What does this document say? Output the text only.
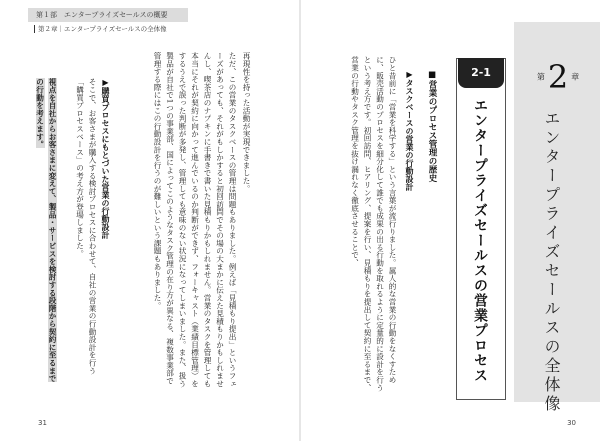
第１部　エンタープライズセールスの概要
第２章｜エンタープライズセールスの全体像
再現性を持った活動が実現できました。
ただ、この営業のタスクベースの管理は問題もありました。例えば「見積もり提出」というフェーズがあっても、それがもしかすると初回訪問でその場の大まかに伝えた見積もりかもしれませんし、喫茶店のナプキンに手書きで書いた見積もりかもしれません。営業のタスクを管理しても本当にそれが契約に向かって進んでいるのか判断ができず、フォーキャスト（業績目標管理）をするうえで誤った判断が多発し、管理しても意味のない状況になってしまいました。また、扱う製品が自社で1つの事業部、国によってこのようなタスク管理の在り方が異なる、複数事業部で管理する際にはこの行動設計を行うのが難しいという課題もありました。
▶購買プロセスにもとづいた営業の行動設計
そこで、お客さまが購入する検討プロセスに合わせて、自社の営業の行動設計を行う「購買プロセスベース」の考え方が登場しました。
視点を自社からお客さまに変えて、製品・サービスを検討する段階から契約に至るまでの行動を考えます。
31
第2 章
エンタープライズセールスの全体像
2-1
エンタープライズセールスの営業プロセス
■営業のプロセス管理の歴史
▶タスクベースの営業の行動設計
ひと昔前に「営業を科学する」という言葉が流行りました。属人的な営業の行動をなくすために、販売活動のプロセスを細分化して誰でも成果の出る行動を取れるように定量的に設計を行うという考え方です。初回訪問、ヒアリング、提案を行い、見積もりを提出して契約に至るまで、営業の行動やタスク管理を抜け漏れなく徹底させることで、
30
